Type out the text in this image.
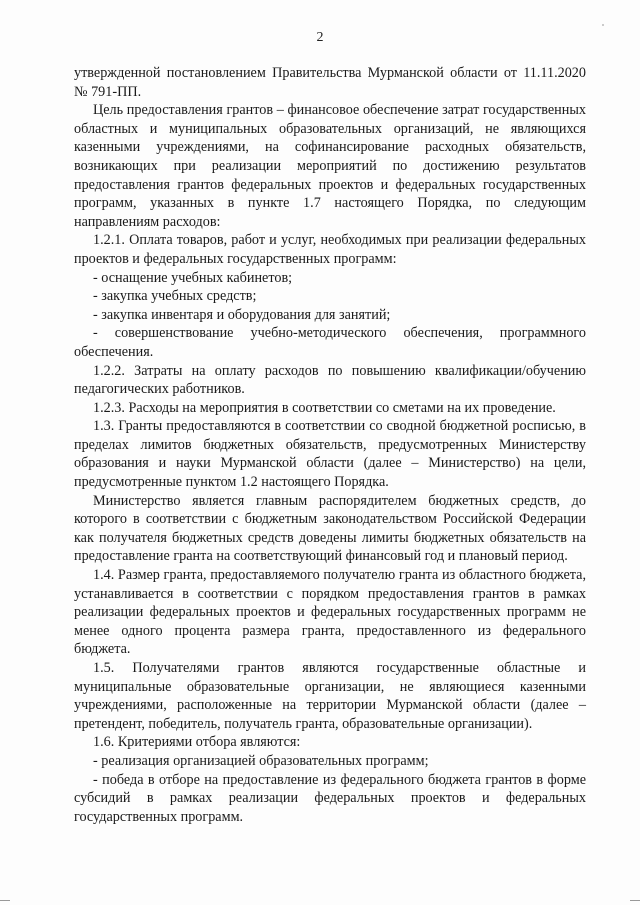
2

утвержденной постановлением Правительства Мурманской области от 11.11.2020 № 791-ПП.

Цель предоставления грантов – финансовое обеспечение затрат государственных областных и муниципальных образовательных организаций, не являющихся казенными учреждениями, на софинансирование расходных обязательств, возникающих при реализации мероприятий по достижению результатов предоставления грантов федеральных проектов и федеральных государственных программ, указанных в пункте 1.7 настоящего Порядка, по следующим направлениям расходов:

1.2.1. Оплата товаров, работ и услуг, необходимых при реализации федеральных проектов и федеральных государственных программ:

- оснащение учебных кабинетов;

- закупка учебных средств;

- закупка инвентаря и оборудования для занятий;

- совершенствование учебно-методического обеспечения, программного обеспечения.

1.2.2. Затраты на оплату расходов по повышению квалификации/обучению педагогических работников.

1.2.3. Расходы на мероприятия в соответствии со сметами на их проведение.

1.3. Гранты предоставляются в соответствии со сводной бюджетной росписью, в пределах лимитов бюджетных обязательств, предусмотренных Министерству образования и науки Мурманской области (далее – Министерство) на цели, предусмотренные пунктом 1.2 настоящего Порядка.

Министерство является главным распорядителем бюджетных средств, до которого в соответствии с бюджетным законодательством Российской Федерации как получателя бюджетных средств доведены лимиты бюджетных обязательств на предоставление гранта на соответствующий финансовый год и плановый период.

1.4. Размер гранта, предоставляемого получателю гранта из областного бюджета, устанавливается в соответствии с порядком предоставления грантов в рамках реализации федеральных проектов и федеральных государственных программ не менее одного процента размера гранта, предоставленного из федерального бюджета.

1.5. Получателями грантов являются государственные областные и муниципальные образовательные организации, не являющиеся казенными учреждениями, расположенные на территории Мурманской области (далее – претендент, победитель, получатель гранта, образовательные организации).

1.6. Критериями отбора являются:

- реализация организацией образовательных программ;

- победа в отборе на предоставление из федерального бюджета грантов в форме субсидий в рамках реализации федеральных проектов и федеральных государственных программ.
